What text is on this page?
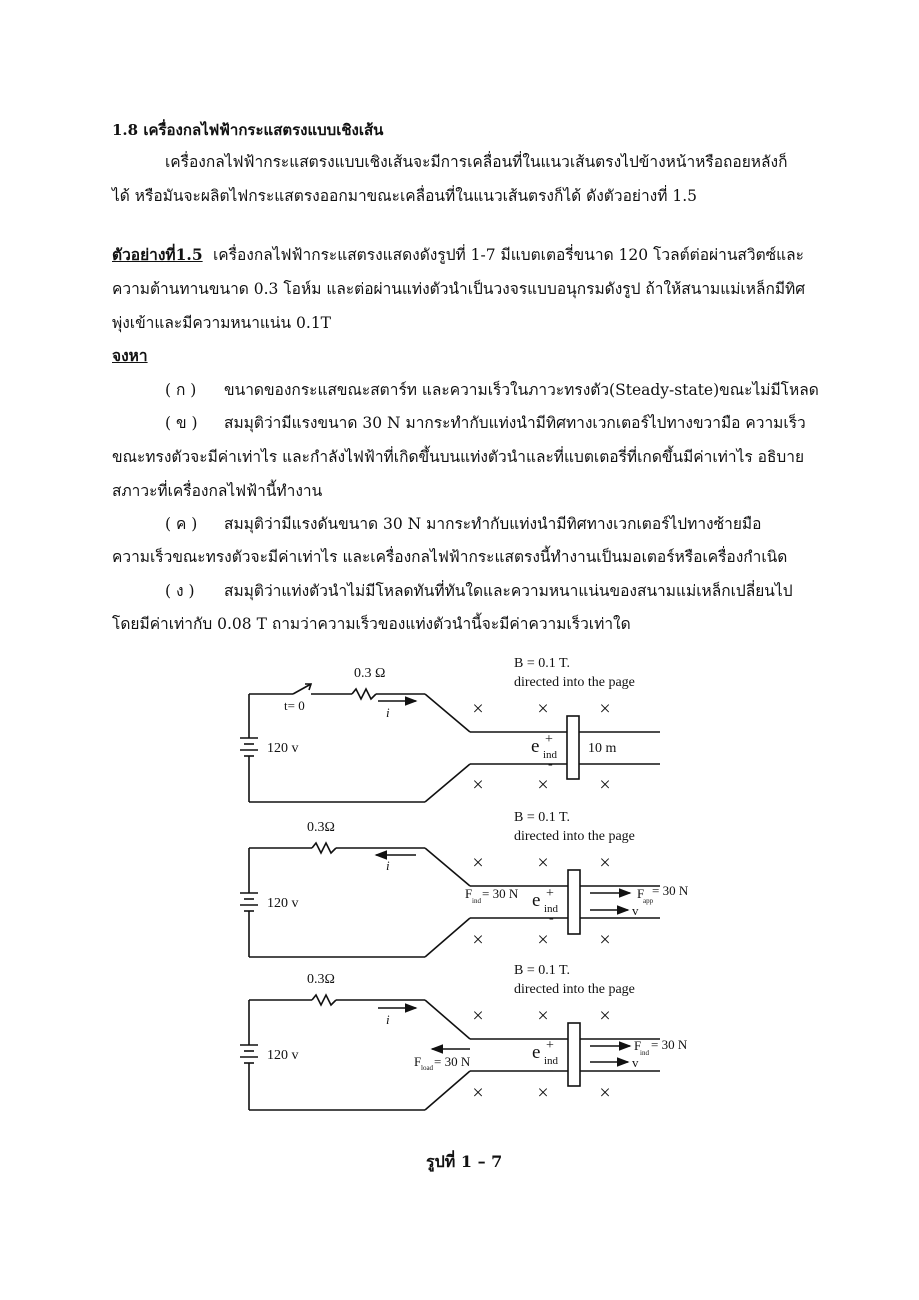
1.8 เครื่องกลไฟฟ้ากระแสตรงแบบเชิงเส้น
เครื่องกลไฟฟ้ากระแสตรงแบบเชิงเส้นจะมีการเคลื่อนที่ในแนวเส้นตรงไปข้างหน้าหรือถอยหลังก็
ได้ หรือมันจะผลิตไฟกระแสตรงออกมาขณะเคลื่อนที่ในแนวเส้นตรงก็ได้ ดังตัวอย่างที่ 1.5
ตัวอย่างที่1.5 เครื่องกลไฟฟ้ากระแสตรงแสดงดังรูปที่ 1-7 มีแบตเตอรี่ขนาด 120 โวลต์ต่อผ่านสวิตซ์และ
ความต้านทานขนาด 0.3 โอห์ม และต่อผ่านแท่งตัวนำเป็นวงจรแบบอนุกรมดังรูป ถ้าให้สนามแม่เหล็กมีทิศ
พุ่งเข้าและมีความหนาแน่น 0.1T
จงหา
( ก ) ขนาดของกระแสขณะสตาร์ท และความเร็วในภาวะทรงตัว(Steady-state)ขณะไม่มีโหลด
( ข ) สมมุติว่ามีแรงขนาด 30 N มากระทำกับแท่งนำมีทิศทางเวกเตอร์ไปทางขวามือ ความเร็ว
ขณะทรงตัวจะมีค่าเท่าไร และกำลังไฟฟ้าที่เกิดขึ้นบนแท่งตัวนำและที่แบตเตอรี่ที่เกดขึ้นมีค่าเท่าไร อธิบาย
สภาวะที่เครื่องกลไฟฟ้านี้ทำงาน
( ค ) สมมุติว่ามีแรงดันขนาด 30 N มากระทำกับแท่งนำมีทิศทางเวกเตอร์ไปทางซ้ายมือ
ความเร็วขณะทรงตัวจะมีค่าเท่าไร และเครื่องกลไฟฟ้ากระแสตรงนี้ทำงานเป็นมอเตอร์หรือเครื่องกำเนิด
( ง ) สมมุติว่าแท่งตัวนำไม่มีโหลดทันที่ทันใดและความหนาแน่นของสนามแม่เหล็กเปลี่ยนไป
โดยมีค่าเท่ากับ 0.08 T ถามว่าความเร็วของแท่งตัวนำนี้จะมีค่าความเร็วเท่าใด
120 v
t= 0
0.3 Ω
i
B = 0.1 T.
directed into the page
×	×	×
×	×	×
e ind
+
-
10 m
120 v
0.3Ω
i
B = 0.1 T.
directed into the page
×	×	×
×	×	×
F ind = 30 N e ind
+
-
F
app
= 30 N
v
120 v
0.3Ω
i
B = 0.1 T.
directed into the page
×	×	×
×	×	×
F load = 30 N	e ind
+
-
F
ind
= 30 N
v
รูปที่ 1 – 7
